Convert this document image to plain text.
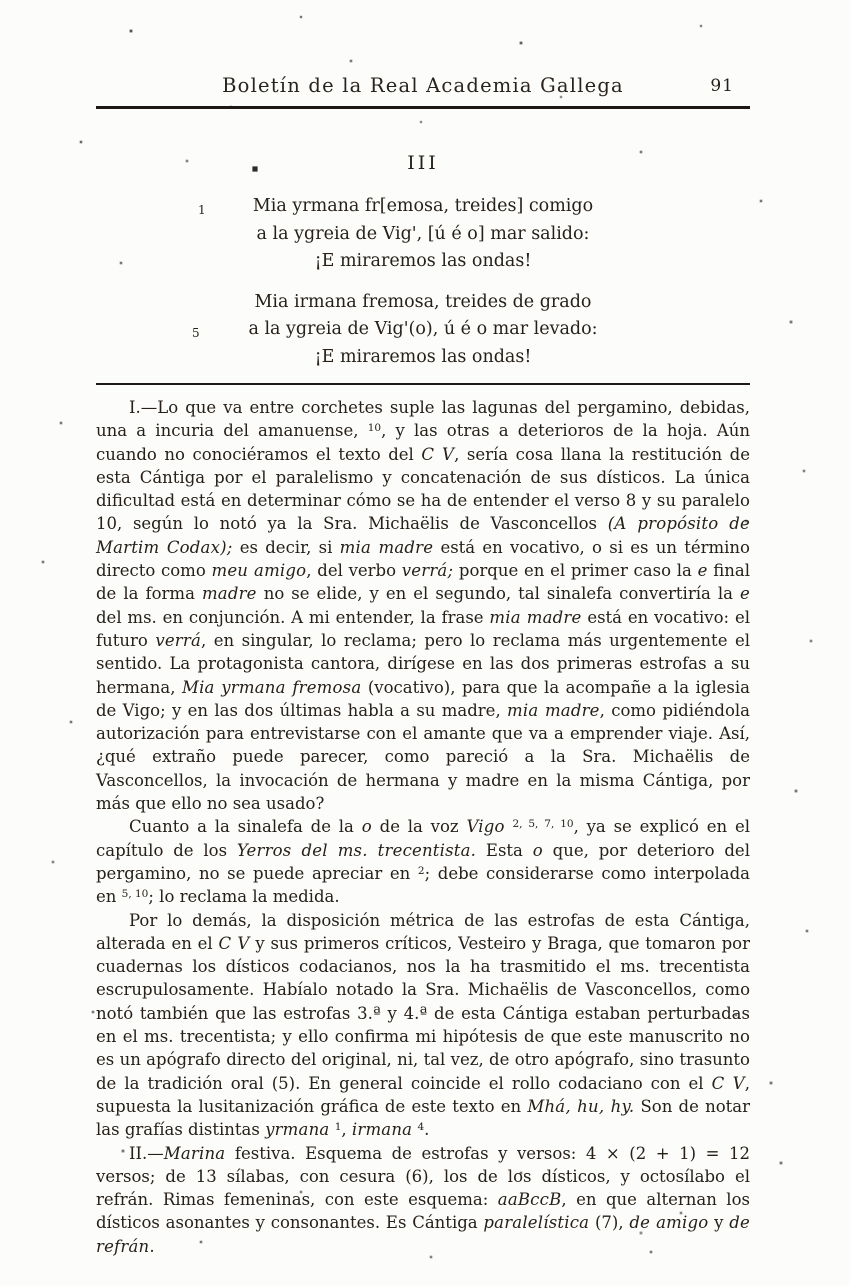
Boletín de la Real Academia Gallega	91
III
1	Mia yrmana fr[emosa, treides] comigo
a la ygreia de Vig', [ú é o] mar salido:
¡E miraremos las ondas!
Mia irmana fremosa, treides de grado
5	a la ygreia de Vig'(o), ú é o mar levado:
¡E miraremos las ondas!

I.—Lo que va entre corchetes suple las lagunas del pergamino, debidas, una a incuria del amanuense, $^{10}$, y las otras a deterioros de la hoja. Aún cuando no conociéramos el texto del C V, sería cosa llana la restitución de esta Cántiga por el paralelismo y concatenación de sus dísticos. La única dificultad está en determinar cómo se ha de entender el verso 8 y su paralelo 10, según lo notó ya la Sra. Michaëlis de Vasconcellos (A propósito de Martim Codax); es decir, si mia madre está en vocativo, o si es un término directo como meu amigo, del verbo verrá; porque en el primer caso la e final de la forma madre no se elide, y en el segundo, tal sinalefa convertiría la e del ms. en conjunción. A mi entender, la frase mia madre está en vocativo: el futuro verrá, en singular, lo reclama; pero lo reclama más urgentemente el sentido. La protagonista cantora, dirígese en las dos primeras estrofas a su hermana, Mia yrmana fremosa (vocativo), para que la acompañe a la iglesia de Vigo; y en las dos últimas habla a su madre, mia madre, como pidiéndola autorización para entrevistarse con el amante que va a emprender viaje. Así, ¿qué extraño puede parecer, como pareció a la Sra. Michaëlis de Vasconcellos, la invocación de hermana y madre en la misma Cántiga, por más que ello no sea usado?

Cuanto a la sinalefa de la o de la voz Vigo $^{2, 5, 7, 10}$, ya se explicó en el capítulo de los Yerros del ms. trecentista. Esta o que, por deterioro del pergamino, no se puede apreciar en $^2$; debe considerarse como interpolada en $^{5, 10}$; lo reclama la medida.

Por lo demás, la disposición métrica de las estrofas de esta Cántiga, alterada en el C V y sus primeros críticos, Vesteiro y Braga, que tomaron por cuadernas los dísticos codacianos, nos la ha trasmitido el ms. trecentista escrupulosamente. Habíalo notado la Sra. Michaëlis de Vasconcellos, como notó también que las estrofas 3.ª y 4.ª de esta Cántiga estaban perturbadas en el ms. trecentista; y ello confirma mi hipótesis de que este manuscrito no es un apógrafo directo del original, ni, tal vez, de otro apógrafo, sino trasunto de la tradición oral (5). En general coincide el rollo codaciano con el C V, supuesta la lusitanización gráfica de este texto en Mhá, hu, hy. Son de notar las grafías distintas yrmana $^1$, irmana $^4$.

II.—Marina festiva. Esquema de estrofas y versos: 4 × (2 + 1) = 12 versos; de 13 sílabas, con cesura (6), los de los dísticos, y octosílabo el refrán. Rimas femeninas, con este esquema: aaBccB, en que alternan los dísticos asonantes y consonantes. Es Cántiga paralelística (7), de amigo y de refrán.
